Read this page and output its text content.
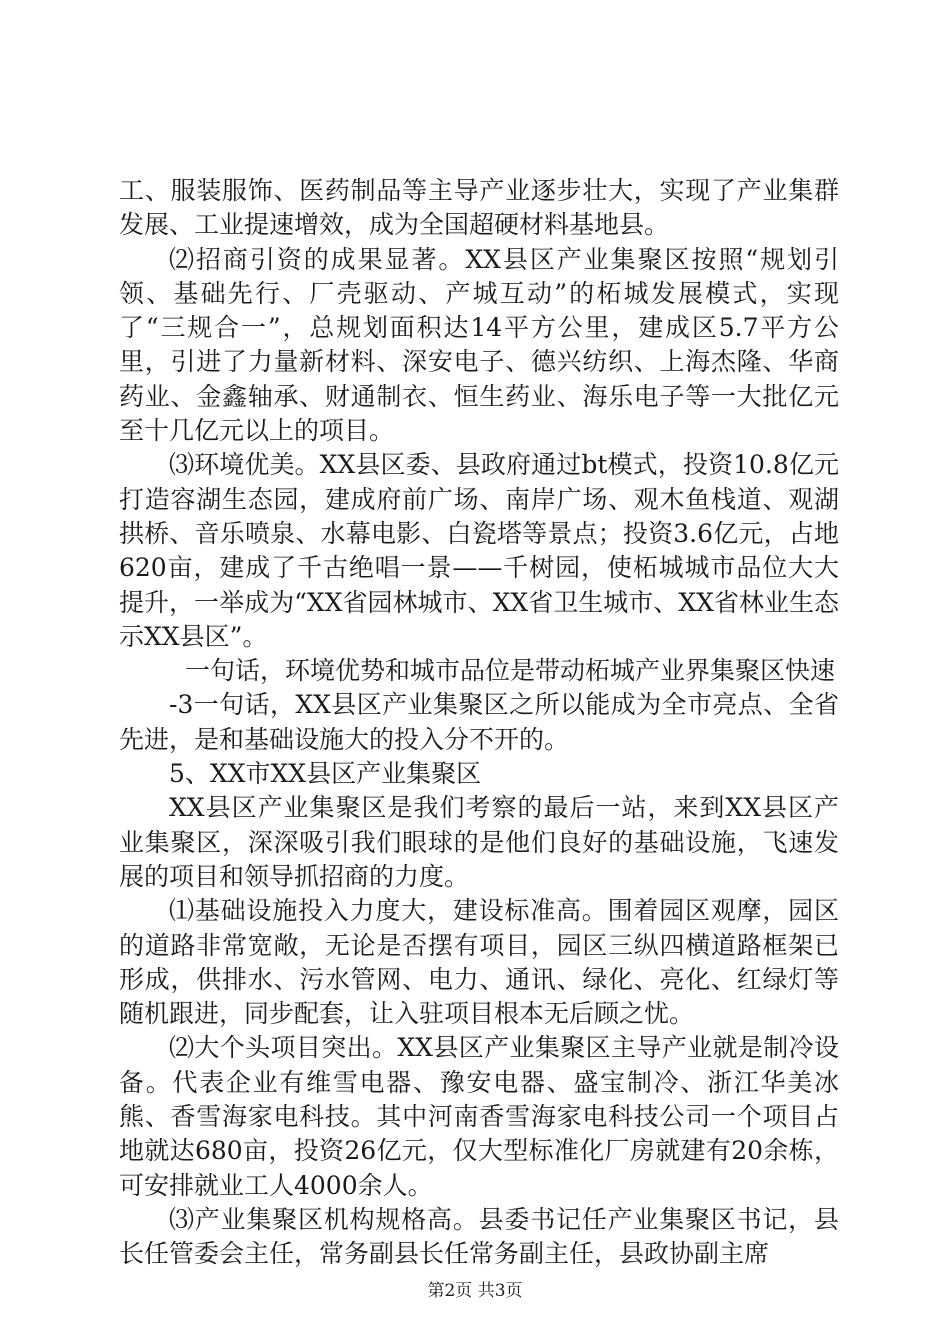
工、服装服饰、医药制品等主导产业逐步壮大，实现了产业集群发展、工业提速增效，成为全国超硬材料基地县。

⑵招商引资的成果显著。XX县区产业集聚区按照“规划引领、基础先行、厂壳驱动、产城互动”的柘城发展模式，实现了“三规合一”，总规划面积达14平方公里，建成区5.7平方公里，引进了力量新材料、深安电子、德兴纺织、上海杰隆、华商药业、金鑫轴承、财通制衣、恒生药业、海乐电子等一大批亿元至十几亿元以上的项目。

⑶环境优美。XX县区委、县政府通过bt模式，投资10.8亿元打造容湖生态园，建成府前广场、南岸广场、观木鱼栈道、观湖拱桥、音乐喷泉、水幕电影、白瓷塔等景点；投资3.6亿元，占地620亩，建成了千古绝唱一景——千树园，使柘城城市品位大大提升，一举成为“XX省园林城市、XX省卫生城市、XX省林业生态示XX县区”。

一句话，环境优势和城市品位是带动柘城产业界集聚区快速

-3一句话，XX县区产业集聚区之所以能成为全市亮点、全省先进，是和基础设施大的投入分不开的。

5、XX市XX县区产业集聚区

XX县区产业集聚区是我们考察的最后一站，来到XX县区产业集聚区，深深吸引我们眼球的是他们良好的基础设施，飞速发展的项目和领导抓招商的力度。

⑴基础设施投入力度大，建设标准高。围着园区观摩，园区的道路非常宽敞，无论是否摆有项目，园区三纵四横道路框架已形成，供排水、污水管网、电力、通讯、绿化、亮化、红绿灯等随机跟进，同步配套，让入驻项目根本无后顾之忧。

⑵大个头项目突出。XX县区产业集聚区主导产业就是制冷设备。代表企业有维雪电器、豫安电器、盛宝制冷、浙江华美冰熊、香雪海家电科技。其中河南香雪海家电科技公司一个项目占地就达680亩，投资26亿元，仅大型标准化厂房就建有20余栋，可安排就业工人4000余人。

⑶产业集聚区机构规格高。县委书记任产业集聚区书记，县长任管委会主任，常务副县长任常务副主任，县政协副主席

第2页 共3页
